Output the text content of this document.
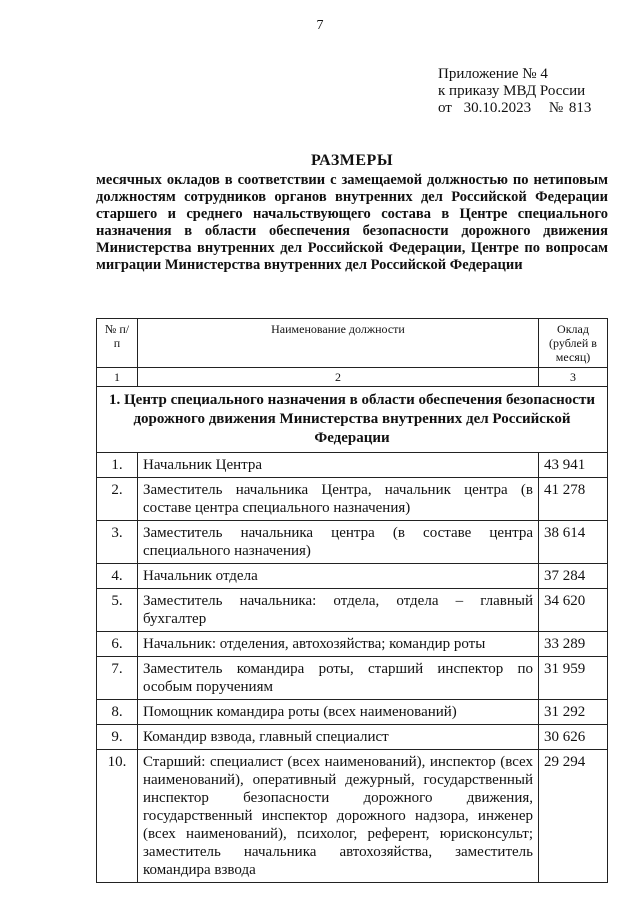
7
Приложение № 4
к приказу МВД России
от 30.10.2023 № 813
РАЗМЕРЫ
месячных окладов в соответствии с замещаемой должностью по нетиповым должностям сотрудников органов внутренних дел Российской Федерации старшего и среднего начальствующего состава в Центре специального назначения в области обеспечения безопасности дорожного движения Министерства внутренних дел Российской Федерации, Центре по вопросам миграции Министерства внутренних дел Российской Федерации
№ п/п	Наименование должности	Оклад (рублей в месяц)
1	2	3
1. Центр специального назначения в области обеспечения безопасности дорожного движения Министерства внутренних дел Российской Федерации		
1.	Начальник Центра	43 941
2.	Заместитель начальника Центра, начальник центра (в составе центра специального назначения)	41 278
3.	Заместитель начальника центра (в составе центра специального назначения)	38 614
4.	Начальник отдела	37 284
5.	Заместитель начальника: отдела, отдела – главный бухгалтер	34 620
6.	Начальник: отделения, автохозяйства; командир роты	33 289
7.	Заместитель командира роты, старший инспектор по особым поручениям	31 959
8.	Помощник командира роты (всех наименований)	31 292
9.	Командир взвода, главный специалист	30 626
10.	Старший: специалист (всех наименований), инспектор (всех наименований), оперативный дежурный, государственный инспектор безопасности дорожного движения, государственный инспектор дорожного надзора, инженер (всех наименований), психолог, референт, юрисконсульт; заместитель начальника автохозяйства, заместитель командира взвода	29 294
